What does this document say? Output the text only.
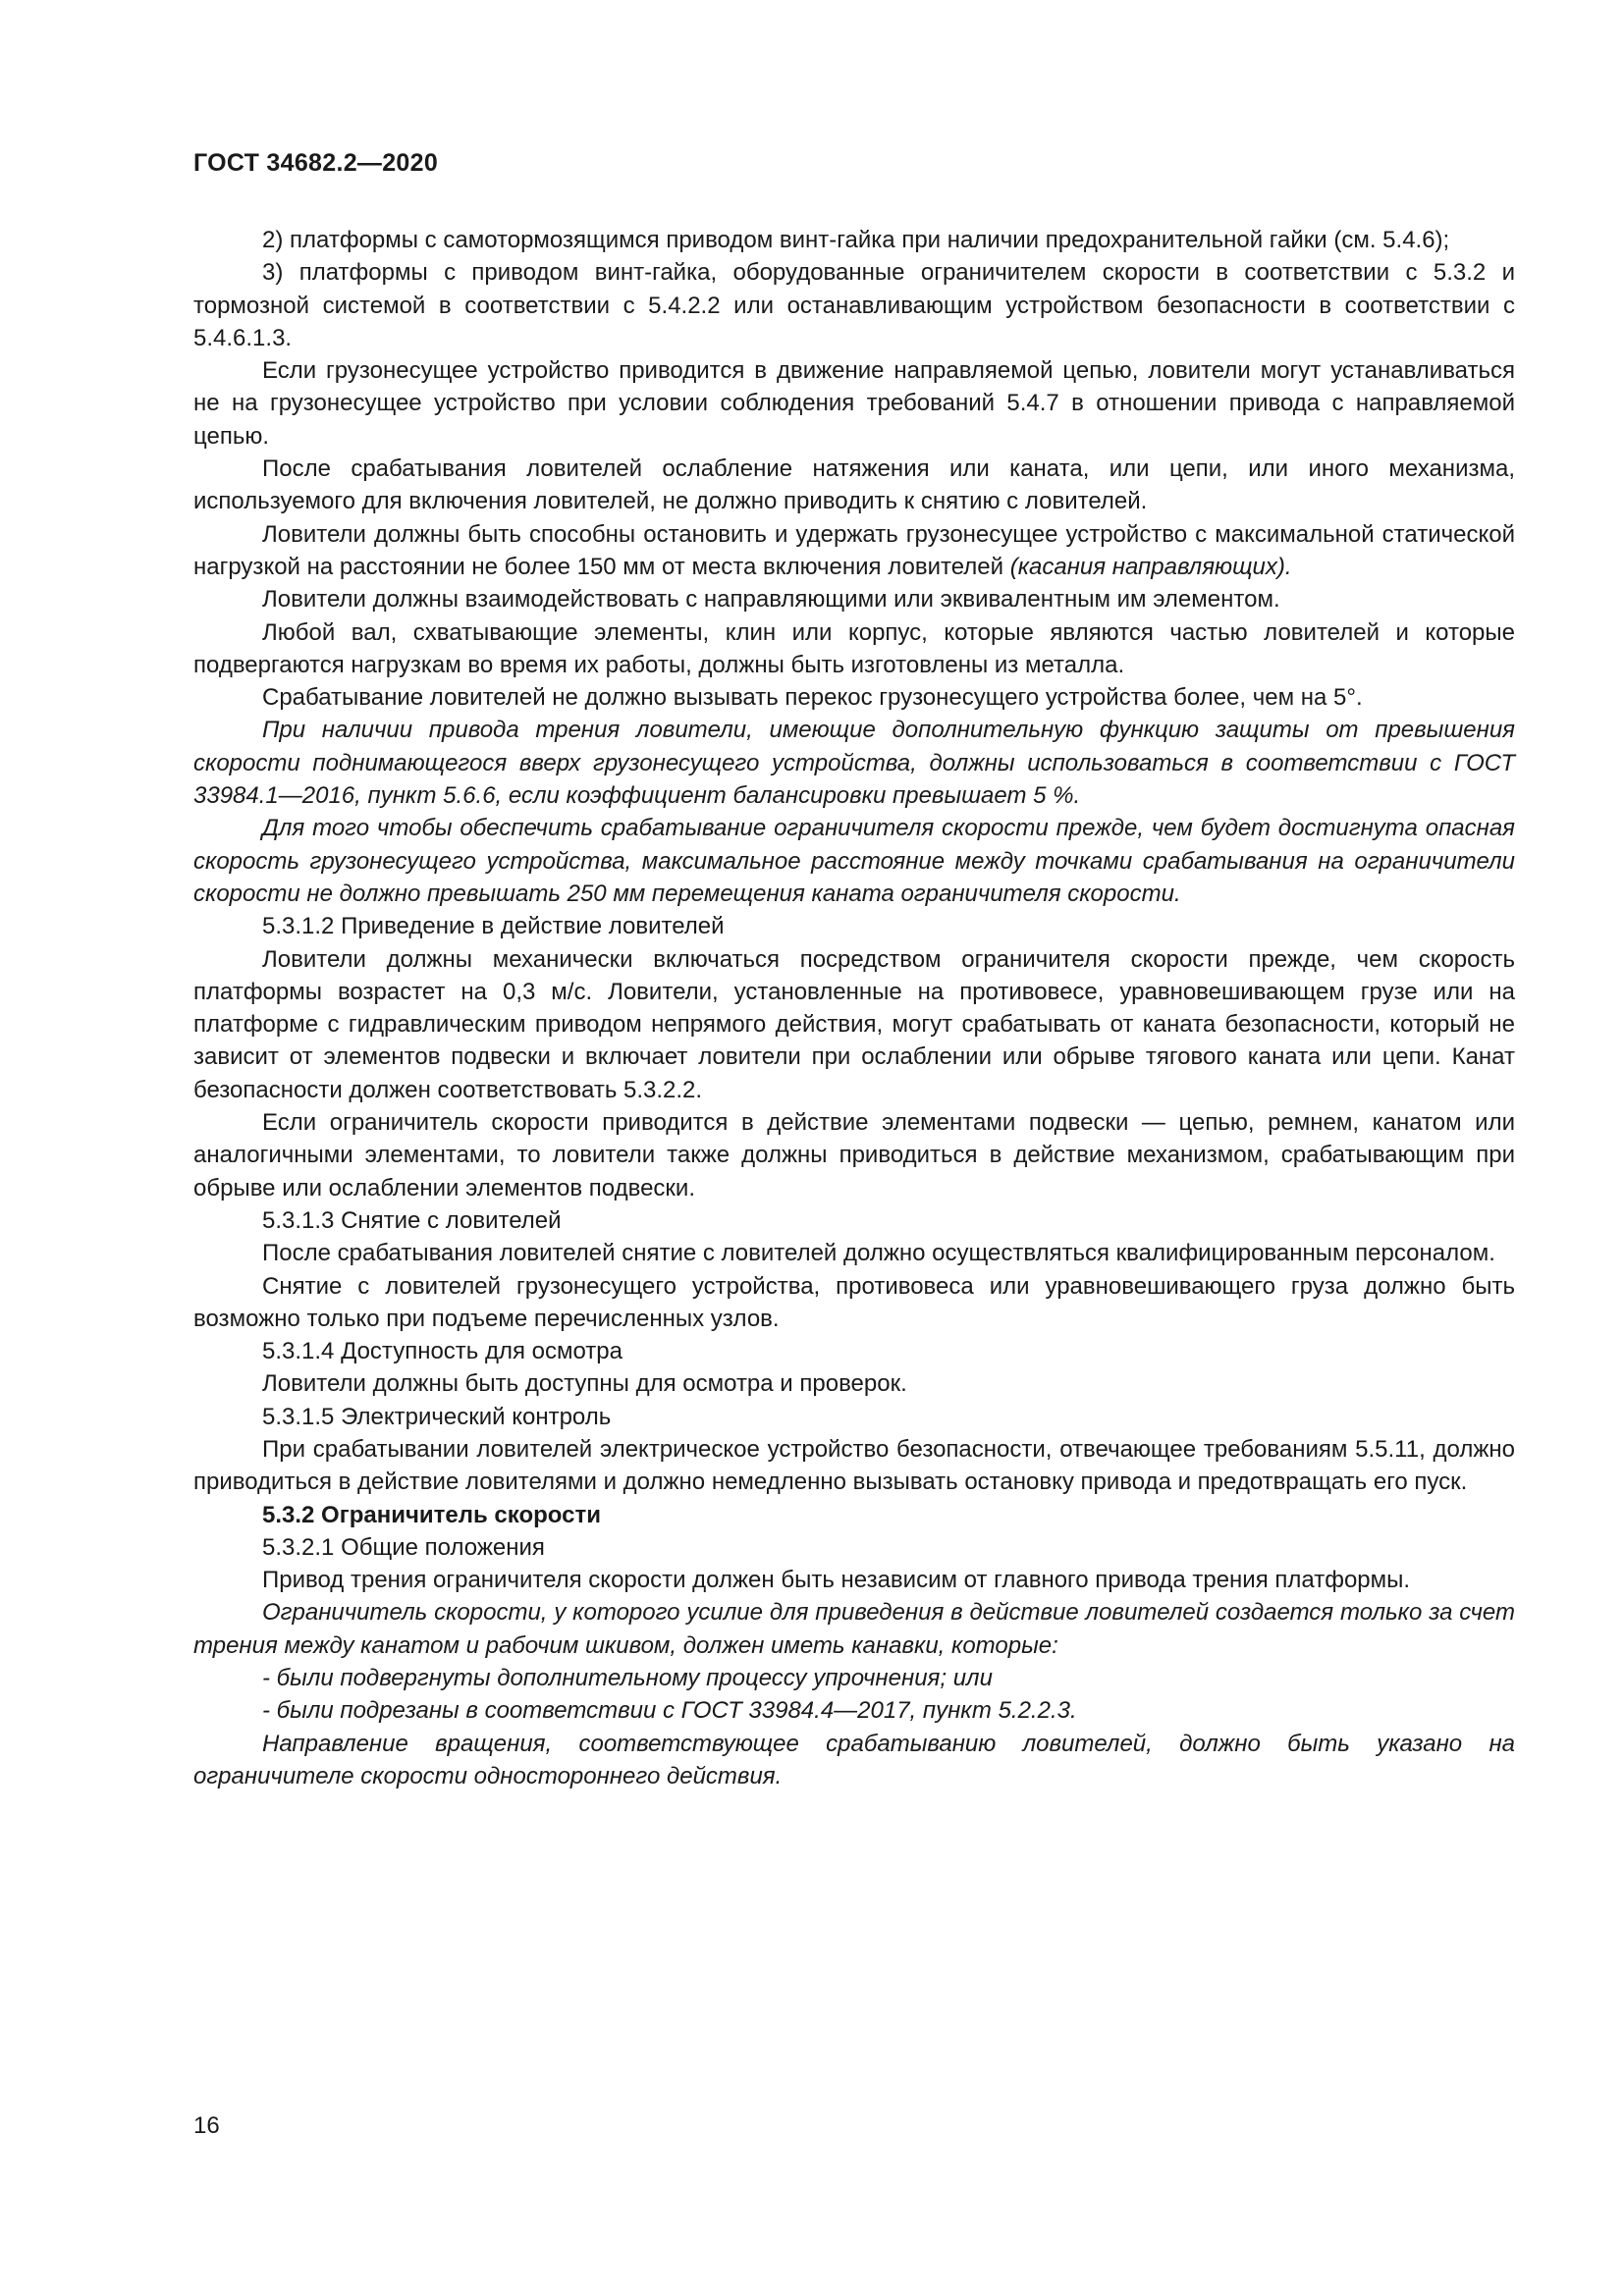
ГОСТ 34682.2—2020

2) платформы с самотормозящимся приводом винт-гайка при наличии предохранительной гайки (см. 5.4.6);

3) платформы с приводом винт-гайка, оборудованные ограничителем скорости в соответствии с 5.3.2 и тормозной системой в соответствии с 5.4.2.2 или останавливающим устройством безопасности в соответствии с 5.4.6.1.3.

Если грузонесущее устройство приводится в движение направляемой цепью, ловители могут устанавливаться не на грузонесущее устройство при условии соблюдения требований 5.4.7 в отношении привода с направляемой цепью.

После срабатывания ловителей ослабление натяжения или каната, или цепи, или иного механизма, используемого для включения ловителей, не должно приводить к снятию с ловителей.

Ловители должны быть способны остановить и удержать грузонесущее устройство с максимальной статической нагрузкой на расстоянии не более 150 мм от места включения ловителей (касания направляющих).

Ловители должны взаимодействовать с направляющими или эквивалентным им элементом.

Любой вал, схватывающие элементы, клин или корпус, которые являются частью ловителей и которые подвергаются нагрузкам во время их работы, должны быть изготовлены из металла.

Срабатывание ловителей не должно вызывать перекос грузонесущего устройства более, чем на 5°.

При наличии привода трения ловители, имеющие дополнительную функцию защиты от превышения скорости поднимающегося вверх грузонесущего устройства, должны использоваться в соответствии с ГОСТ 33984.1—2016, пункт 5.6.6, если коэффициент балансировки превышает 5 %.

Для того чтобы обеспечить срабатывание ограничителя скорости прежде, чем будет достигнута опасная скорость грузонесущего устройства, максимальное расстояние между точками срабатывания на ограничители скорости не должно превышать 250 мм перемещения каната ограничителя скорости.

5.3.1.2 Приведение в действие ловителей

Ловители должны механически включаться посредством ограничителя скорости прежде, чем скорость платформы возрастет на 0,3 м/с. Ловители, установленные на противовесе, уравновешивающем грузе или на платформе с гидравлическим приводом непрямого действия, могут срабатывать от каната безопасности, который не зависит от элементов подвески и включает ловители при ослаблении или обрыве тягового каната или цепи. Канат безопасности должен соответствовать 5.3.2.2.

Если ограничитель скорости приводится в действие элементами подвески — цепью, ремнем, канатом или аналогичными элементами, то ловители также должны приводиться в действие механизмом, срабатывающим при обрыве или ослаблении элементов подвески.

5.3.1.3 Снятие с ловителей

После срабатывания ловителей снятие с ловителей должно осуществляться квалифицированным персоналом.

Снятие с ловителей грузонесущего устройства, противовеса или уравновешивающего груза должно быть возможно только при подъеме перечисленных узлов.

5.3.1.4 Доступность для осмотра

Ловители должны быть доступны для осмотра и проверок.

5.3.1.5 Электрический контроль

При срабатывании ловителей электрическое устройство безопасности, отвечающее требованиям 5.5.11, должно приводиться в действие ловителями и должно немедленно вызывать остановку привода и предотвращать его пуск.

5.3.2 Ограничитель скорости

5.3.2.1 Общие положения

Привод трения ограничителя скорости должен быть независим от главного привода трения платформы.

Ограничитель скорости, у которого усилие для приведения в действие ловителей создается только за счет трения между канатом и рабочим шкивом, должен иметь канавки, которые:

- были подвергнуты дополнительному процессу упрочнения; или

- были подрезаны в соответствии с ГОСТ 33984.4—2017, пункт 5.2.2.3.

Направление вращения, соответствующее срабатыванию ловителей, должно быть указано на ограничителе скорости одностороннего действия.

16
